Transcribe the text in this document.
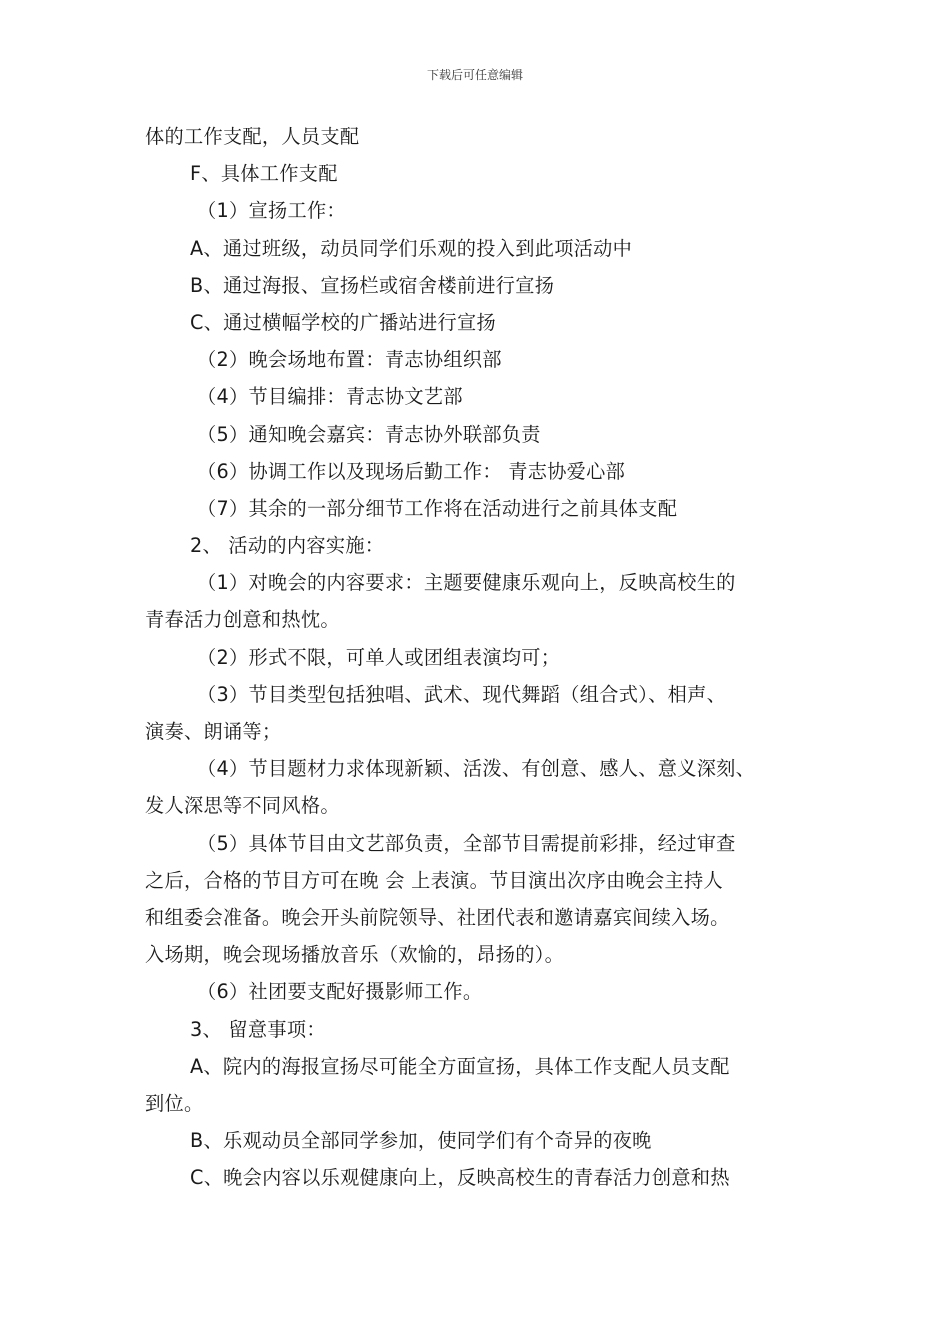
下载后可任意编辑
体的工作支配，人员支配
F、具体工作支配
（1）宣扬工作：
A、通过班级，动员同学们乐观的投入到此项活动中
B、通过海报、宣扬栏或宿舍楼前进行宣扬
C、通过横幅学校的广播站进行宣扬
（2）晚会场地布置：青志协组织部
（4）节目编排：青志协文艺部
（5）通知晚会嘉宾：青志协外联部负责
（6）协调工作以及现场后勤工作： 青志协爱心部
（7）其余的一部分细节工作将在活动进行之前具体支配
2、 活动的内容实施：
（1）对晚会的内容要求：主题要健康乐观向上，反映高校生的
青春活力创意和热忱。
（2）形式不限，可单人或团组表演均可；
（3）节目类型包括独唱、武术、现代舞蹈（组合式）、相声、
演奏、朗诵等；
（4）节目题材力求体现新颖、活泼、有创意、感人、意义深刻、
发人深思等不同风格。
（5）具体节目由文艺部负责，全部节目需提前彩排，经过审查
之后，合格的节目方可在晚 会 上表演。节目演出次序由晚会主持人
和组委会准备。晚会开头前院领导、社团代表和邀请嘉宾间续入场。
入场期，晚会现场播放音乐（欢愉的，昂扬的）。
（6）社团要支配好摄影师工作。
3、 留意事项：
A、院内的海报宣扬尽可能全方面宣扬，具体工作支配人员支配
到位。
B、乐观动员全部同学参加，使同学们有个奇异的夜晚
C、晚会内容以乐观健康向上，反映高校生的青春活力创意和热
